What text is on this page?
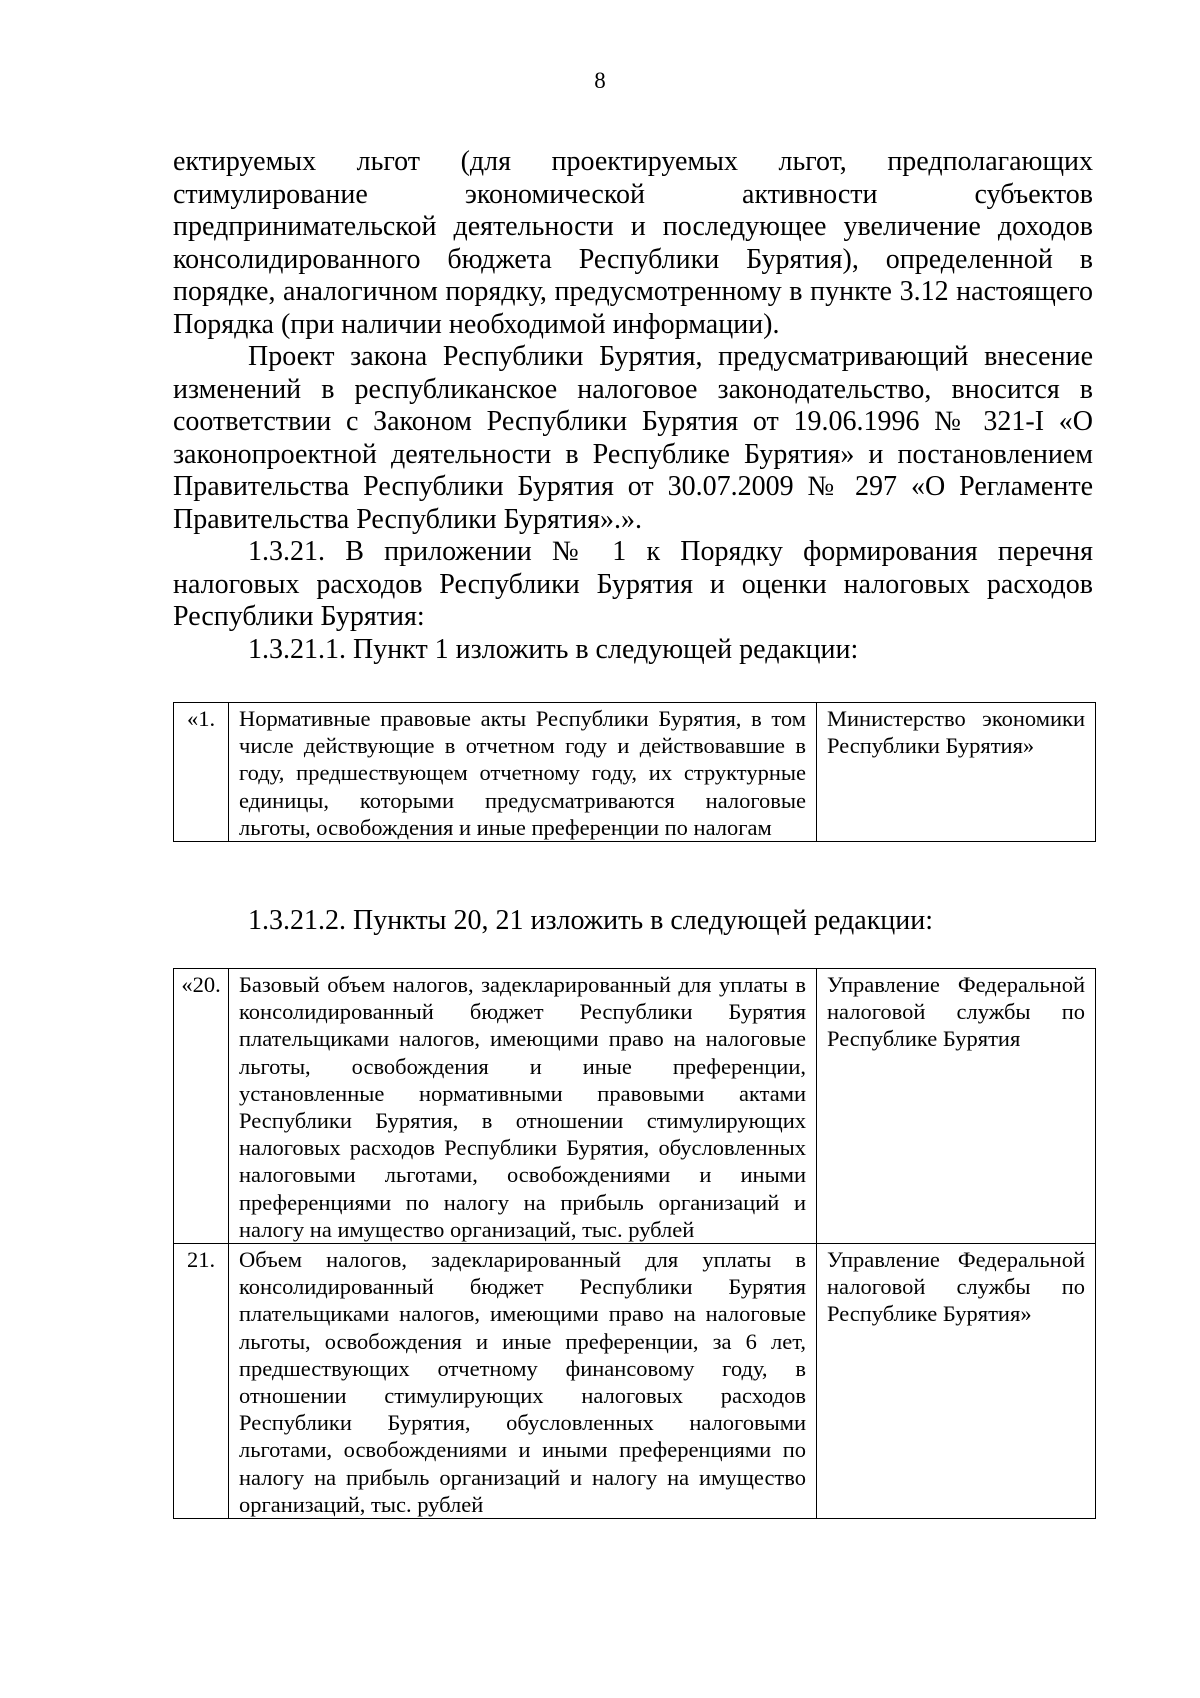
8

ектируемых льгот (для проектируемых льгот, предполагающих стимулирование экономической активности субъектов предпринимательской деятельности и последующее увеличение доходов консолидированного бюджета Республики Бурятия), определенной в порядке, аналогичном порядку, предусмотренному в пункте 3.12 настоящего Порядка (при наличии необходимой информации).

Проект закона Республики Бурятия, предусматривающий внесение изменений в республиканское налоговое законодательство, вносится в соответствии с Законом Республики Бурятия от 19.06.1996 № 321-I «О законопроектной деятельности в Республике Бурятия» и постановлением Правительства Республики Бурятия от 30.07.2009 № 297 «О Регламенте Правительства Республики Бурятия».».

1.3.21. В приложении № 1 к Порядку формирования перечня налоговых расходов Республики Бурятия и оценки налоговых расходов Республики Бурятия:

1.3.21.1. Пункт 1 изложить в следующей редакции:

«1.	Нормативные правовые акты Республики Бурятия, в том числе действующие в отчетном году и действовавшие в году, предшествующем отчетному году, их структурные единицы, которыми предусматриваются налоговые льготы, освобождения и иные преференции по налогам	Министерство экономики Республики Бурятия»

1.3.21.2. Пункты 20, 21 изложить в следующей редакции:

«20.	Базовый объем налогов, задекларированный для уплаты в консолидированный бюджет Республики Бурятия плательщиками налогов, имеющими право на налоговые льготы, освобождения и иные преференции, установленные нормативными правовыми актами Республики Бурятия, в отношении стимулирующих налоговых расходов Республики Бурятия, обусловленных налоговыми льготами, освобождениями и иными преференциями по налогу на прибыль организаций и налогу на имущество организаций, тыс. рублей	Управление Федеральной налоговой службы по Республике Бурятия
21.	Объем налогов, задекларированный для уплаты в консолидированный бюджет Республики Бурятия плательщиками налогов, имеющими право на налоговые льготы, освобождения и иные преференции, за 6 лет, предшествующих отчетному финансовому году, в отношении стимулирующих налоговых расходов Республики Бурятия, обусловленных налоговыми льготами, освобождениями и иными преференциями по налогу на прибыль организаций и налогу на имущество организаций, тыс. рублей	Управление Федеральной налоговой службы по Республике Бурятия»
